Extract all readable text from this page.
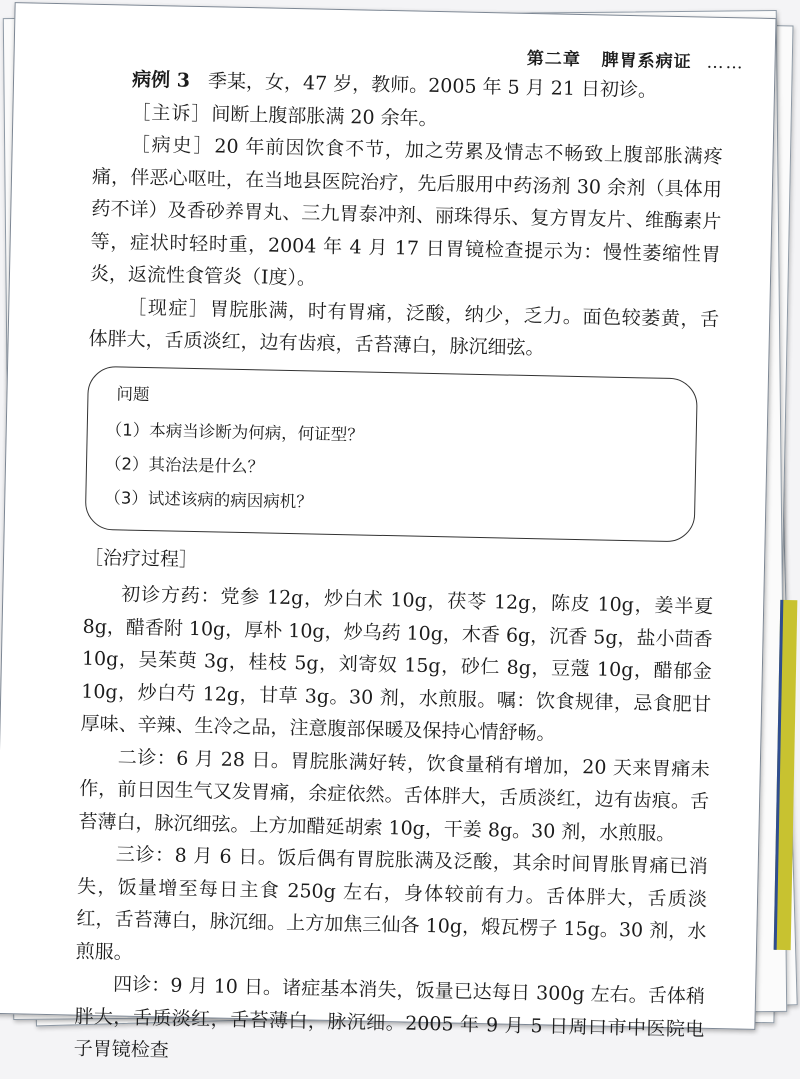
第二章 脾胃系病证 ……

病例 3 季某，女，47 岁，教师。2005 年 5 月 21 日初诊。

［主诉］间断上腹部胀满 20 余年。

［病史］20 年前因饮食不节，加之劳累及情志不畅致上腹部胀满疼痛，伴恶心呕吐，在当地县医院治疗，先后服用中药汤剂 30 余剂（具体用药不详）及香砂养胃丸、三九胃泰冲剂、丽珠得乐、复方胃友片、维酶素片等，症状时轻时重，2004 年 4 月 17 日胃镜检查提示为：慢性萎缩性胃炎，返流性食管炎（Ⅰ度）。

［现症］胃脘胀满，时有胃痛，泛酸，纳少，乏力。面色较萎黄，舌体胖大，舌质淡红，边有齿痕，舌苔薄白，脉沉细弦。

问题
（1）本病当诊断为何病，何证型？
（2）其治法是什么？
（3）试述该病的病因病机？
［治疗过程］

初诊方药：党参 12g，炒白术 10g，茯苓 12g，陈皮 10g，姜半夏 8g，醋香附 10g，厚朴 10g，炒乌药 10g，木香 6g，沉香 5g，盐小茴香 10g，吴茱萸 3g，桂枝 5g，刘寄奴 15g，砂仁 8g，豆蔻 10g，醋郁金 10g，炒白芍 12g，甘草 3g。30 剂，水煎服。嘱：饮食规律，忌食肥甘厚味、辛辣、生冷之品，注意腹部保暖及保持心情舒畅。

二诊：6 月 28 日。胃脘胀满好转，饮食量稍有增加，20 天来胃痛未作，前日因生气又发胃痛，余症依然。舌体胖大，舌质淡红，边有齿痕。舌苔薄白，脉沉细弦。上方加醋延胡索 10g，干姜 8g。30 剂，水煎服。

三诊：8 月 6 日。饭后偶有胃脘胀满及泛酸，其余时间胃胀胃痛已消失，饭量增至每日主食 250g 左右，身体较前有力。舌体胖大，舌质淡红，舌苔薄白，脉沉细。上方加焦三仙各 10g，煅瓦楞子 15g。30 剂，水煎服。

四诊：9 月 10 日。诸症基本消失，饭量已达每日 300g 左右。舌体稍胖大，舌质淡红，舌苔薄白，脉沉细。2005 年 9 月 5 日周口市中医院电子胃镜检查
